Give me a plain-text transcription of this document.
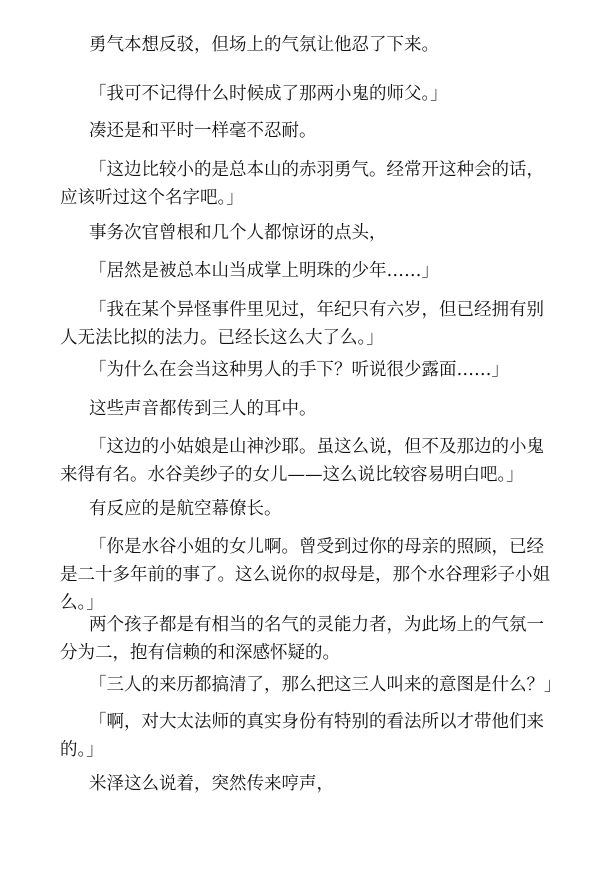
勇气本想反驳，但场上的气氛让他忍了下来。

「我可不记得什么时候成了那两小鬼的师父。」

凑还是和平时一样毫不忍耐。

「这边比较小的是总本山的赤羽勇气。经常开这种会的话，应该听过这个名字吧。」

事务次官曾根和几个人都惊讶的点头，

「居然是被总本山当成掌上明珠的少年……」

「我在某个异怪事件里见过，年纪只有六岁，但已经拥有别人无法比拟的法力。已经长这么大了么。」

「为什么在会当这种男人的手下？听说很少露面……」

这些声音都传到三人的耳中。

「这边的小姑娘是山神沙耶。虽这么说，但不及那边的小鬼来得有名。水谷美纱子的女儿——这么说比较容易明白吧。」

有反应的是航空幕僚长。

「你是水谷小姐的女儿啊。曾受到过你的母亲的照顾，已经是二十多年前的事了。这么说你的叔母是，那个水谷理彩子小姐么。」

两个孩子都是有相当的名气的灵能力者，为此场上的气氛一分为二，抱有信赖的和深感怀疑的。

「三人的来历都搞清了，那么把这三人叫来的意图是什么？」

「啊，对大太法师的真实身份有特别的看法所以才带他们来的。」

米泽这么说着，突然传来哼声，
